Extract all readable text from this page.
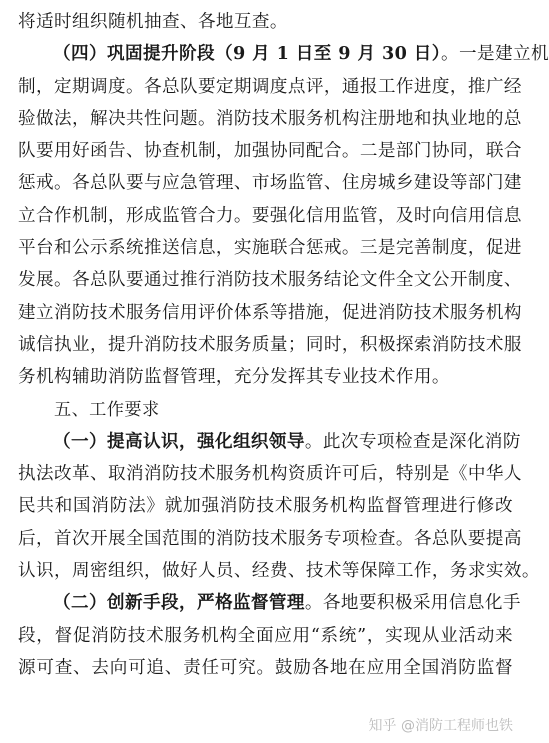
将适时组织随机抽查、各地互查。
（四）巩固提升阶段（9 月 1 日至 9 月 30 日）。一是建立机
制，定期调度。各总队要定期调度点评，通报工作进度，推广经
验做法，解决共性问题。消防技术服务机构注册地和执业地的总
队要用好函告、协查机制，加强协同配合。二是部门协同，联合
惩戒。各总队要与应急管理、市场监管、住房城乡建设等部门建
立合作机制，形成监管合力。要强化信用监管，及时向信用信息
平台和公示系统推送信息，实施联合惩戒。三是完善制度，促进
发展。各总队要通过推行消防技术服务结论文件全文公开制度、
建立消防技术服务信用评价体系等措施，促进消防技术服务机构
诚信执业，提升消防技术服务质量；同时，积极探索消防技术服
务机构辅助消防监督管理，充分发挥其专业技术作用。
五、工作要求
（一）提高认识，强化组织领导。此次专项检查是深化消防
执法改革、取消消防技术服务机构资质许可后，特别是《中华人
民共和国消防法》就加强消防技术服务机构监督管理进行修改
后，首次开展全国范围的消防技术服务专项检查。各总队要提高
认识，周密组织，做好人员、经费、技术等保障工作，务求实效。
（二）创新手段，严格监督管理。各地要积极采用信息化手
段，督促消防技术服务机构全面应用“系统”，实现从业活动来
源可查、去向可追、责任可究。鼓励各地在应用全国消防监督
知乎 @消防工程师也铁
